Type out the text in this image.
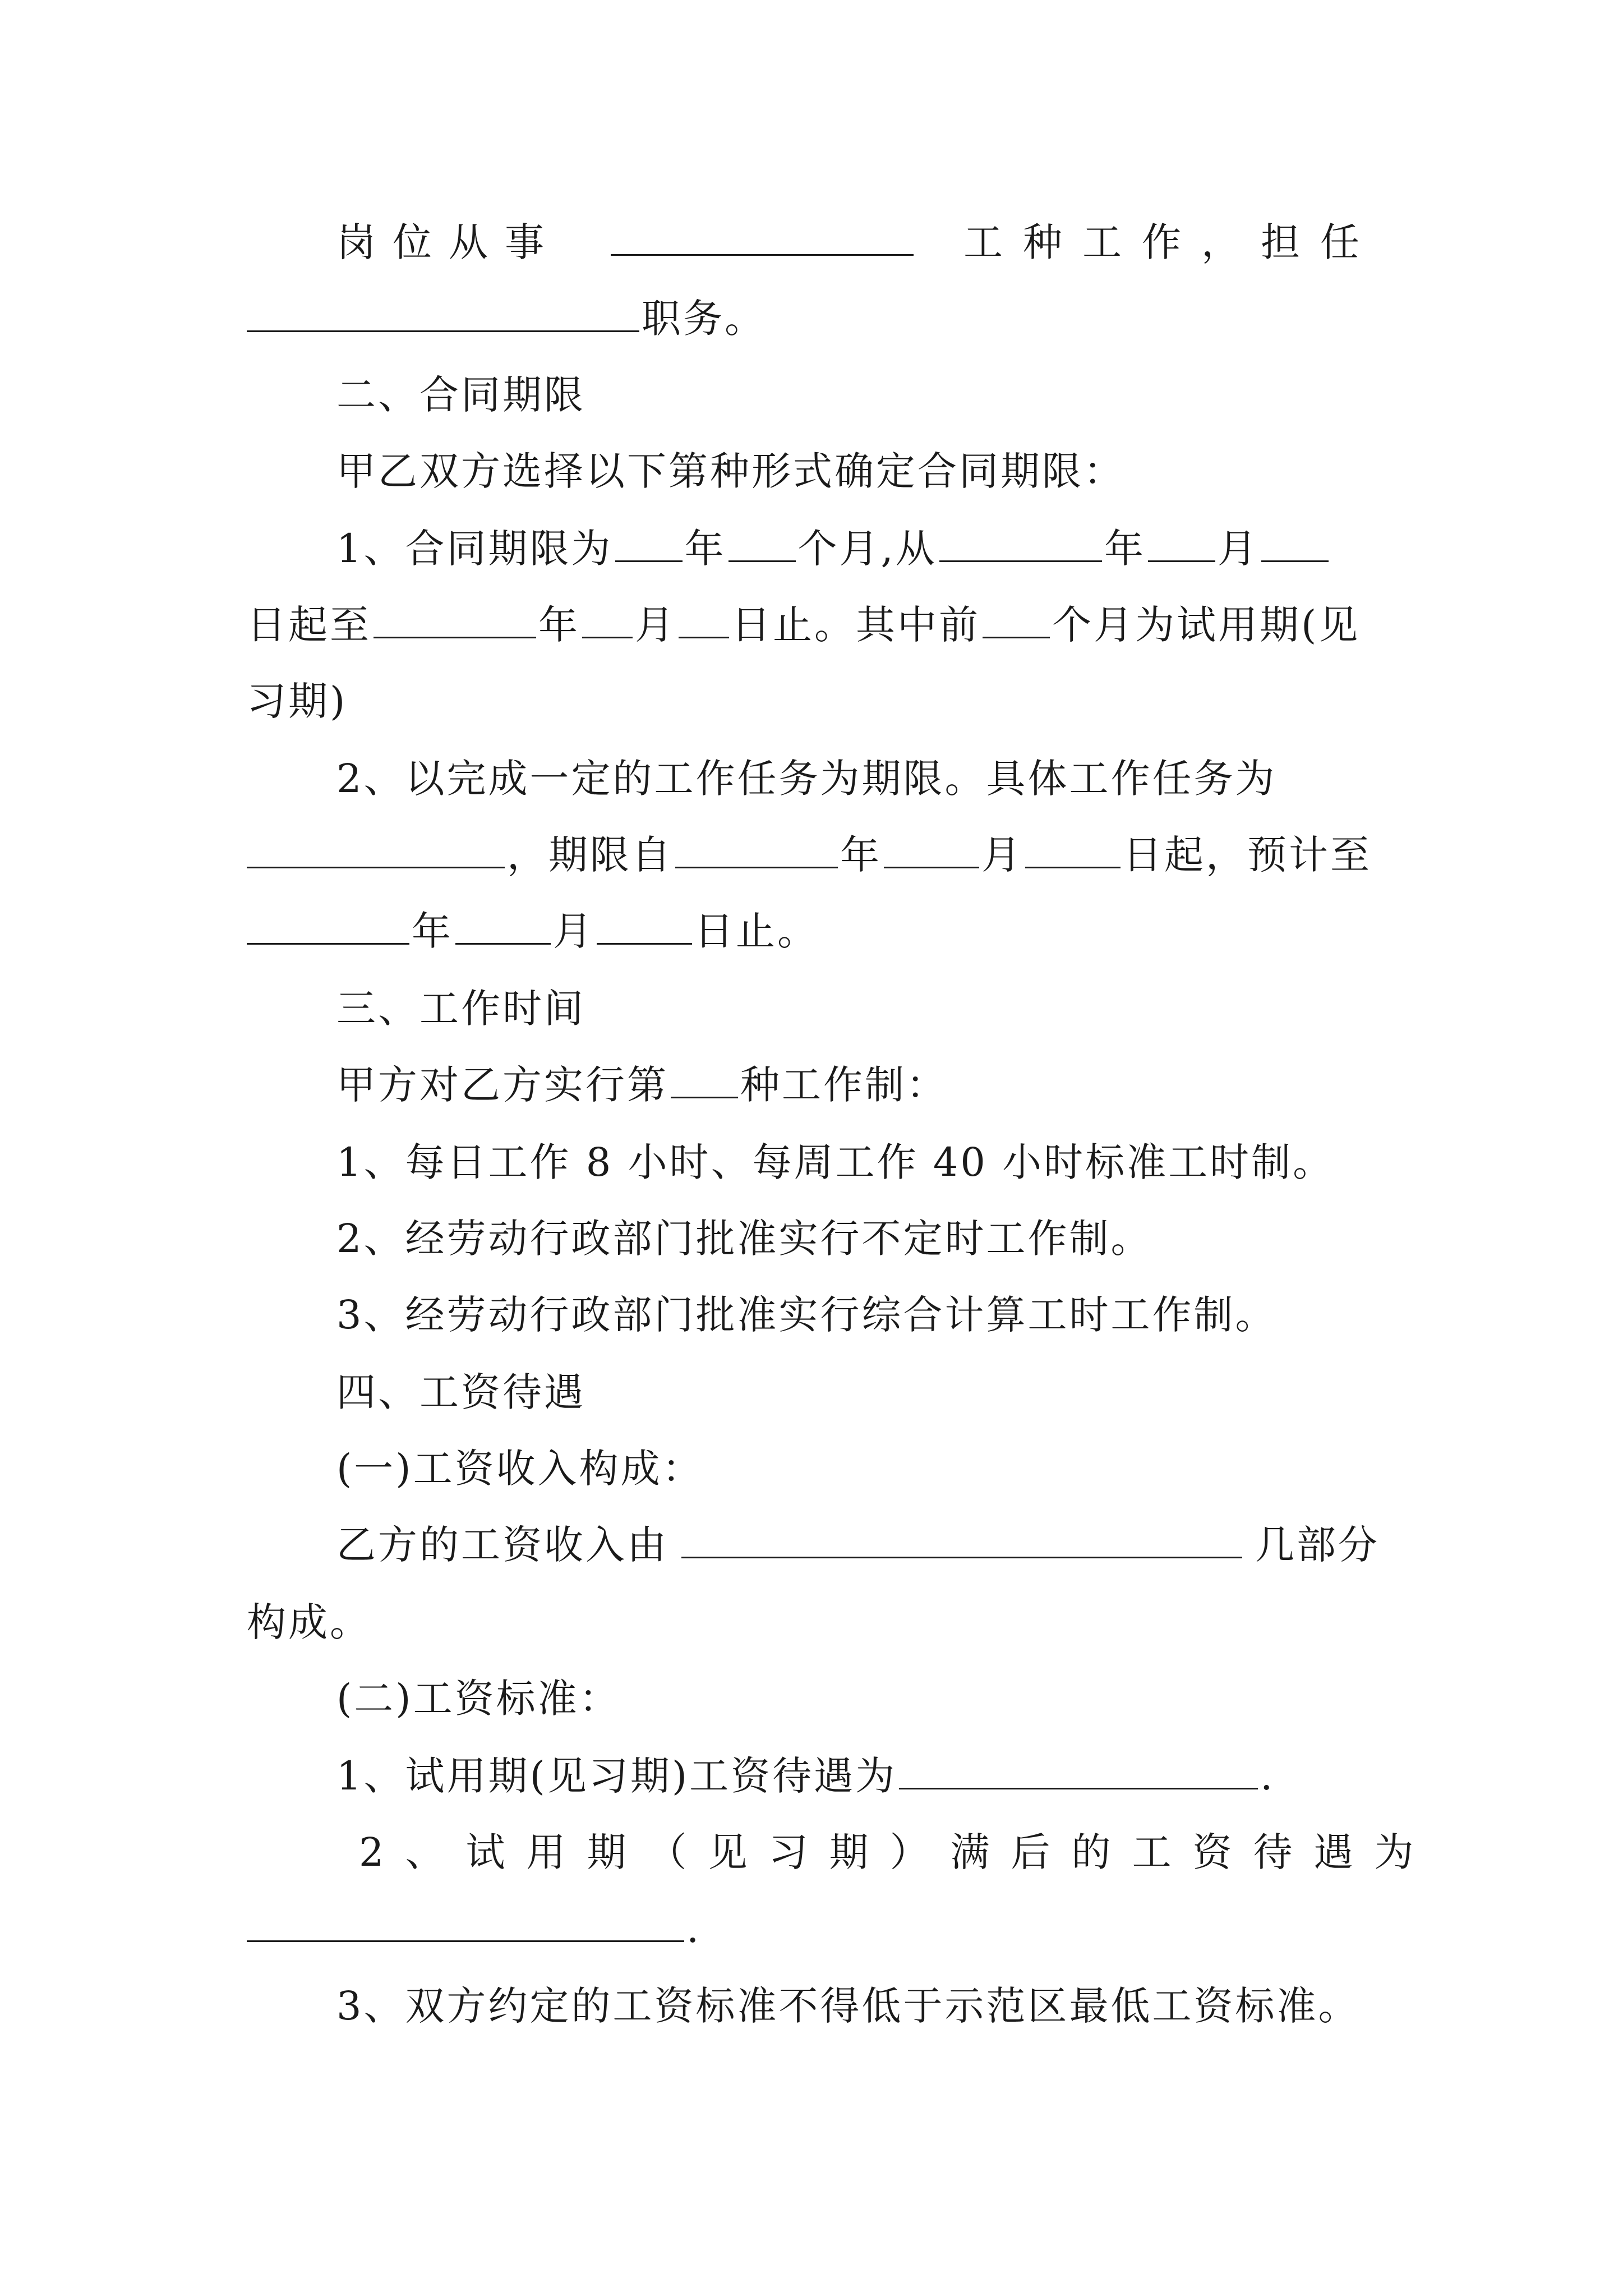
岗位从事	工种工作，担任
职务。
二、合同期限
甲乙双方选择以下第种形式确定合同期限：
1、合同期限为 年 个月,从	年 月
日起至	年 月 日止。其中前 个月为试用期(见
习期)
2、以完成一定的工作任务为期限。具体工作任务为
，期限自	年	月	日起，预计至
年	月	日止。
三、工作时间
甲方对乙方实行第 种工作制：
1、每日工作 8 小时、每周工作 40 小时标准工时制。
2、经劳动行政部门批准实行不定时工作制。
3、经劳动行政部门批准实行综合计算工时工作制。
四、工资待遇
(一)工资收入构成：
乙方的工资收入由	几部分
构成。
(二)工资标准：
1、试用期(见习期)工资待遇为	.
2、试用期（见习期）满后的工资待遇为
.
3、双方约定的工资标准不得低于示范区最低工资标准。
